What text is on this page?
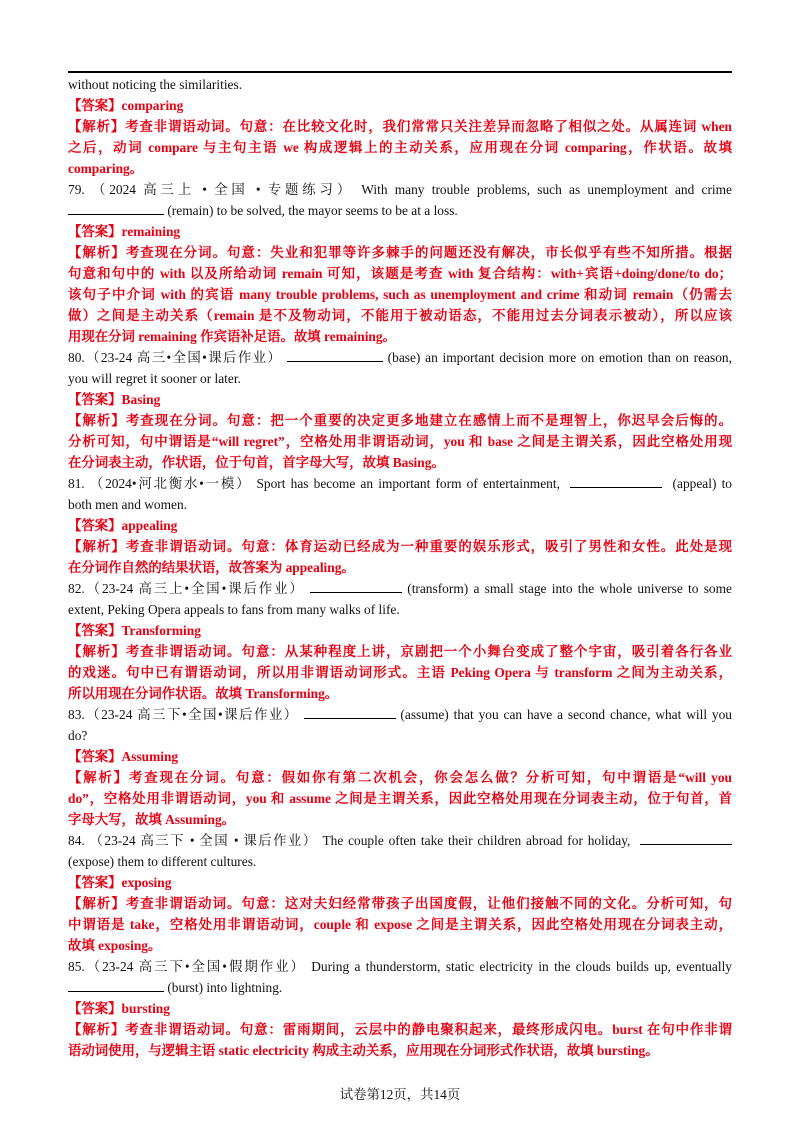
without noticing the similarities.
【答案】comparing
【解析】考查非谓语动词。句意：在比较文化时，我们常常只关注差异而忽略了相似之处。从属连词 when
之后，动词 compare 与主句主语 we 构成逻辑上的主动关系，应用现在分词 comparing，作状语。故填
comparing。
79. （2024 高三上 • 全国 • 专题练习） With many trouble problems, such as unemployment and crime
(remain) to be solved, the mayor seems to be at a loss.
【答案】remaining
【解析】考查现在分词。句意：失业和犯罪等许多棘手的问题还没有解决，市长似乎有些不知所措。根据
句意和句中的 with 以及所给动词 remain 可知，该题是考查 with 复合结构：with+宾语+doing/done/to do；
该句子中介词 with 的宾语 many trouble problems, such as unemployment and crime 和动词 remain（仍需去
做）之间是主动关系（remain 是不及物动词，不能用于被动语态，不能用过去分词表示被动），所以应该
用现在分词 remaining 作宾语补足语。故填 remaining。
80.（23-24 高三•全国•课后作业）	(base) an important decision more on emotion than on reason,
you will regret it sooner or later.
【答案】Basing
【解析】考查现在分词。句意：把一个重要的决定更多地建立在感情上而不是理智上，你迟早会后悔的。
分析可知，句中谓语是“will regret”，空格处用非谓语动词，you 和 base 之间是主谓关系，因此空格处用现
在分词表主动，作状语，位于句首，首字母大写，故填 Basing。
81. （2024•河北衡水•一模） Sport has become an important form of entertainment,	(appeal) to
both men and women.
【答案】appealing
【解析】考查非谓语动词。句意：体育运动已经成为一种重要的娱乐形式，吸引了男性和女性。此处是现
在分词作自然的结果状语，故答案为 appealing。
82.（23-24 高三上•全国•课后作业）	(transform) a small stage into the whole universe to some
extent, Peking Opera appeals to fans from many walks of life.
【答案】Transforming
【解析】考查非谓语动词。句意：从某种程度上讲，京剧把一个小舞台变成了整个宇宙，吸引着各行各业
的戏迷。句中已有谓语动词，所以用非谓语动词形式。主语 Peking Opera 与 transform 之间为主动关系，
所以用现在分词作状语。故填 Transforming。
83.（23-24 高三下•全国•课后作业）	(assume) that you can have a second chance, what will you
do?
【答案】Assuming
【解析】考查现在分词。句意：假如你有第二次机会，你会怎么做？分析可知，句中谓语是“will you
do”，空格处用非谓语动词，you 和 assume 之间是主谓关系，因此空格处用现在分词表主动，位于句首，首
字母大写，故填 Assuming。
84. （23-24 高三下 • 全国 • 课后作业） The couple often take their children abroad for holiday,
(expose) them to different cultures.
【答案】exposing
【解析】考查非谓语动词。句意：这对夫妇经常带孩子出国度假，让他们接触不同的文化。分析可知，句
中谓语是 take，空格处用非谓语动词，couple 和 expose 之间是主谓关系，因此空格处用现在分词表主动，
故填 exposing。
85.（23-24 高三下•全国•假期作业） During a thunderstorm, static electricity in the clouds builds up, eventually
(burst) into lightning.
【答案】bursting
【解析】考查非谓语动词。句意：雷雨期间，云层中的静电聚积起来，最终形成闪电。burst 在句中作非谓
语动词使用，与逻辑主语 static electricity 构成主动关系，应用现在分词形式作状语，故填 bursting。
试卷第12页，共14页
